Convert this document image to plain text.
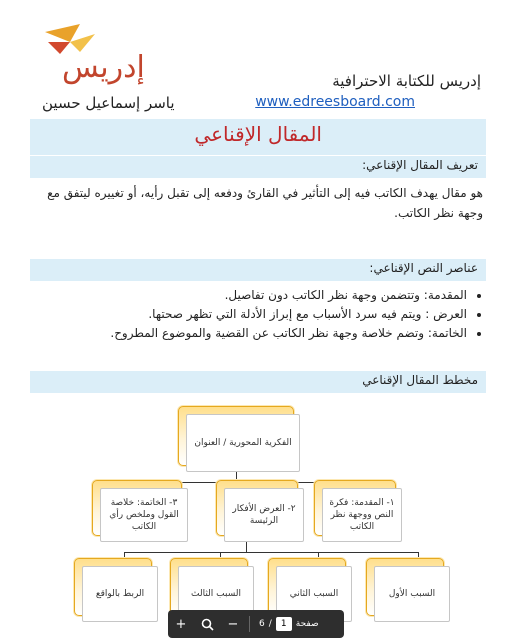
إدريس	إدريس للكتابة الاحترافية
www.edreesboard.com
ياسر إسماعيل حسين
المقال الإقناعي
تعريف المقال الإقناعي:
هو مقال يهدف الكاتب فيه إلى التأثير في القارئ ودفعه إلى تقبل رأيه، أو تغييره ليتفق مع وجهة نظر الكاتب.
عناصر النص الإقناعي:
• المقدمة: وتتضمن وجهة نظر الكاتب دون تفاصيل.
• العرض : ويتم فيه سرد الأسباب مع إبراز الأدلة التي تظهر صحتها.
• الخاتمة: وتضم خلاصة وجهة نظر الكاتب عن القضية والموضوع المطروح.
مخطط المقال الإقناعي
الفكرية المحورية / العنوان
٣- الخاتمة: خلاصة القول وملخص رأي الكاتب
٢- العرض الأفكار الرئيسة
١- المقدمة: فكرة النص ووجهة نظر الكاتب
الربط بالواقع	السبب الثالث	السبب الثاني	السبب الأول
+	−	صفحة
1
/
6
